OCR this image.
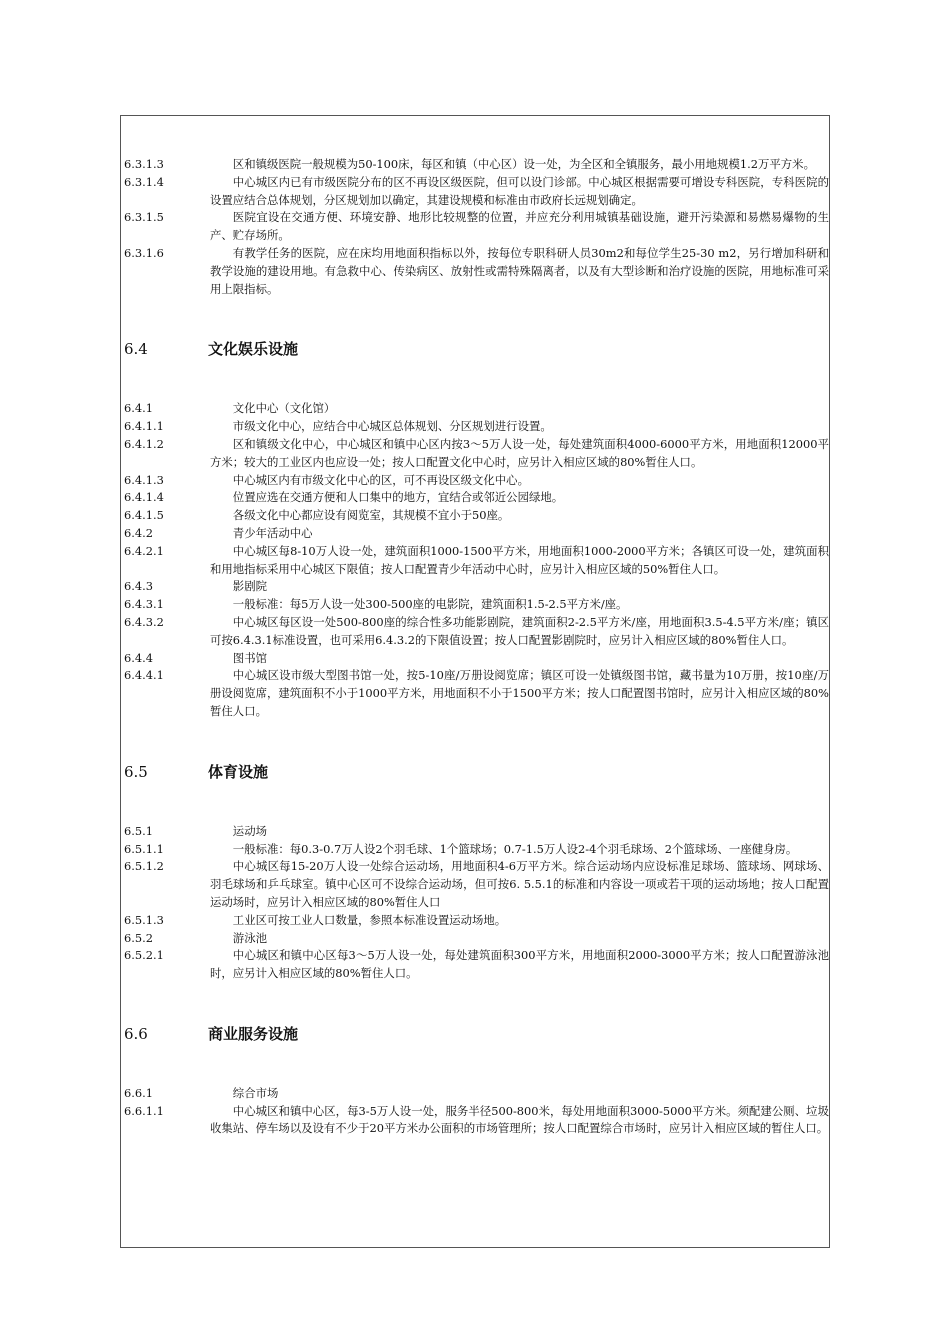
6.3.1.3	区和镇级医院一般规模为50-100床，每区和镇（中心区）设一处，为全区和全镇服务，最小用地规模1.2万平方米。
6.3.1.4	中心城区内已有市级医院分布的区不再设区级医院，但可以设门诊部。中心城区根据需要可增设专科医院，专科医院的设置应结合总体规划，分区规划加以确定，其建设规模和标准由市政府长远规划确定。
6.3.1.5	医院宜设在交通方便、环境安静、地形比较规整的位置，并应充分利用城镇基础设施，避开污染源和易燃易爆物的生产、贮存场所。
6.3.1.6	有教学任务的医院，应在床均用地面积指标以外，按每位专职科研人员30m2和每位学生25-30 m2，另行增加科研和教学设施的建设用地。有急救中心、传染病区、放射性或需特殊隔离者，以及有大型诊断和治疗设施的医院，用地标准可采用上限指标。
6.4	文化娱乐设施
6.4.1	文化中心（文化馆）
6.4.1.1	市级文化中心，应结合中心城区总体规划、分区规划进行设置。
6.4.1.2	区和镇级文化中心，中心城区和镇中心区内按3～5万人设一处，每处建筑面积4000-6000平方米，用地面积12000平方米；较大的工业区内也应设一处；按人口配置文化中心时，应另计入相应区域的80%暂住人口。
6.4.1.3	中心城区内有市级文化中心的区，可不再设区级文化中心。
6.4.1.4	位置应选在交通方便和人口集中的地方，宜结合或邻近公园绿地。
6.4.1.5	各级文化中心都应设有阅览室，其规模不宜小于50座。
6.4.2	青少年活动中心
6.4.2.1	中心城区每8-10万人设一处，建筑面积1000-1500平方米，用地面积1000-2000平方米；各镇区可设一处，建筑面积和用地指标采用中心城区下限值；按人口配置青少年活动中心时，应另计入相应区域的50%暂住人口。
6.4.3	影剧院
6.4.3.1	一般标准：每5万人设一处300-500座的电影院，建筑面积1.5-2.5平方米/座。
6.4.3.2	中心城区每区设一处500-800座的综合性多功能影剧院，建筑面积2-2.5平方米/座，用地面积3.5-4.5平方米/座；镇区可按6.4.3.1标准设置，也可采用6.4.3.2的下限值设置；按人口配置影剧院时，应另计入相应区域的80%暂住人口。
6.4.4	图书馆
6.4.4.1	中心城区设市级大型图书馆一处，按5-10座/万册设阅览席；镇区可设一处镇级图书馆，藏书量为10万册，按10座/万册设阅览席，建筑面积不小于1000平方米，用地面积不小于1500平方米；按人口配置图书馆时，应另计入相应区域的80%暂住人口。
6.5	体育设施
6.5.1	运动场
6.5.1.1	一般标准：每0.3-0.7万人设2个羽毛球、1个篮球场；0.7-1.5万人设2-4个羽毛球场、2个篮球场、一座健身房。
6.5.1.2	中心城区每15-20万人设一处综合运动场，用地面积4-6万平方米。综合运动场内应设标准足球场、篮球场、网球场、羽毛球场和乒乓球室。镇中心区可不设综合运动场，但可按6. 5.5.1的标准和内容设一项或若干项的运动场地；按人口配置运动场时，应另计入相应区域的80%暂住人口
6.5.1.3	工业区可按工业人口数量，参照本标准设置运动场地。
6.5.2	游泳池
6.5.2.1	中心城区和镇中心区每3～5万人设一处，每处建筑面积300平方米，用地面积2000-3000平方米；按人口配置游泳池时，应另计入相应区域的80%暂住人口。
6.6	商业服务设施
6.6.1	综合市场
6.6.1.1	中心城区和镇中心区，每3-5万人设一处，服务半径500-800米，每处用地面积3000-5000平方米。须配建公厕、垃圾收集站、停车场以及设有不少于20平方米办公面积的市场管理所；按人口配置综合市场时，应另计入相应区域的暂住人口。
